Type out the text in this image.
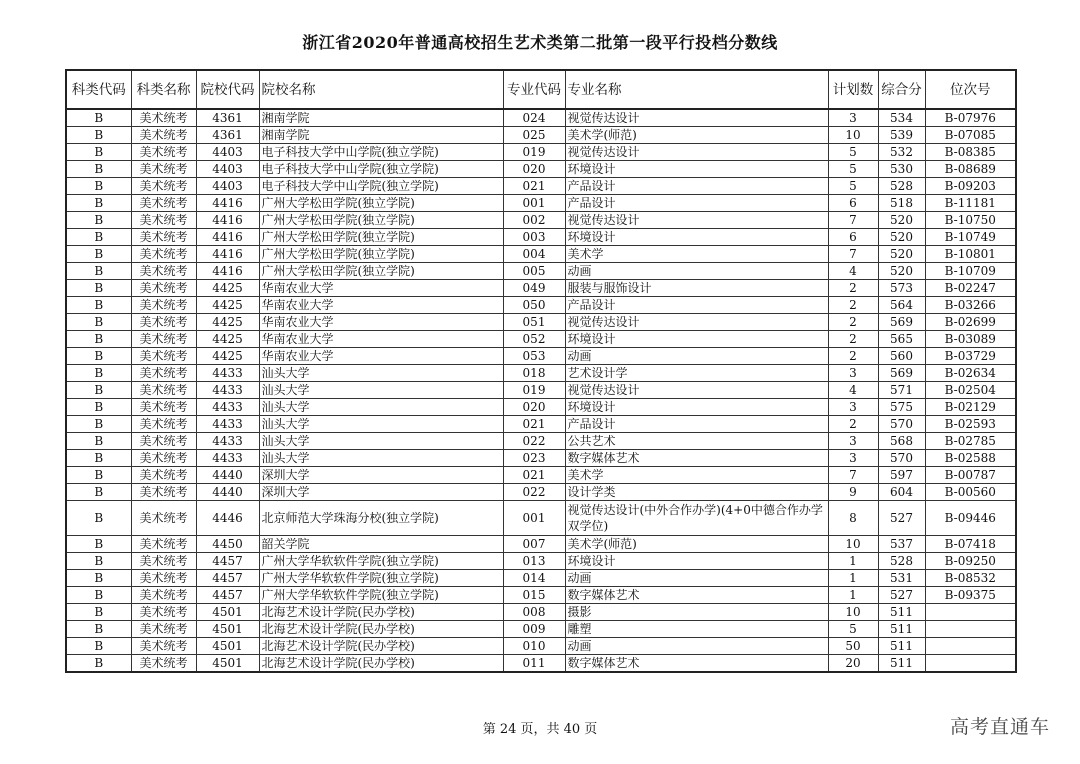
浙江省2020年普通高校招生艺术类第二批第一段平行投档分数线
科类代码	科类名称	院校代码	院校名称	专业代码	专业名称	计划数	综合分	位次号
B	美术统考	4361	湘南学院	024	视觉传达设计	3	534	B-07976
B	美术统考	4361	湘南学院	025	美术学(师范)	10	539	B-07085
B	美术统考	4403	电子科技大学中山学院(独立学院)	019	视觉传达设计	5	532	B-08385
B	美术统考	4403	电子科技大学中山学院(独立学院)	020	环境设计	5	530	B-08689
B	美术统考	4403	电子科技大学中山学院(独立学院)	021	产品设计	5	528	B-09203
B	美术统考	4416	广州大学松田学院(独立学院)	001	产品设计	6	518	B-11181
B	美术统考	4416	广州大学松田学院(独立学院)	002	视觉传达设计	7	520	B-10750
B	美术统考	4416	广州大学松田学院(独立学院)	003	环境设计	6	520	B-10749
B	美术统考	4416	广州大学松田学院(独立学院)	004	美术学	7	520	B-10801
B	美术统考	4416	广州大学松田学院(独立学院)	005	动画	4	520	B-10709
B	美术统考	4425	华南农业大学	049	服装与服饰设计	2	573	B-02247
B	美术统考	4425	华南农业大学	050	产品设计	2	564	B-03266
B	美术统考	4425	华南农业大学	051	视觉传达设计	2	569	B-02699
B	美术统考	4425	华南农业大学	052	环境设计	2	565	B-03089
B	美术统考	4425	华南农业大学	053	动画	2	560	B-03729
B	美术统考	4433	汕头大学	018	艺术设计学	3	569	B-02634
B	美术统考	4433	汕头大学	019	视觉传达设计	4	571	B-02504
B	美术统考	4433	汕头大学	020	环境设计	3	575	B-02129
B	美术统考	4433	汕头大学	021	产品设计	2	570	B-02593
B	美术统考	4433	汕头大学	022	公共艺术	3	568	B-02785
B	美术统考	4433	汕头大学	023	数字媒体艺术	3	570	B-02588
B	美术统考	4440	深圳大学	021	美术学	7	597	B-00787
B	美术统考	4440	深圳大学	022	设计学类	9	604	B-00560
B	美术统考	4446	北京师范大学珠海分校(独立学院)	001	视觉传达设计(中外合作办学)(4+0中德合作办学双学位)	8	527	B-09446
B	美术统考	4450	韶关学院	007	美术学(师范)	10	537	B-07418
B	美术统考	4457	广州大学华软软件学院(独立学院)	013	环境设计	1	528	B-09250
B	美术统考	4457	广州大学华软软件学院(独立学院)	014	动画	1	531	B-08532
B	美术统考	4457	广州大学华软软件学院(独立学院)	015	数字媒体艺术	1	527	B-09375
B	美术统考	4501	北海艺术设计学院(民办学校)	008	摄影	10	511	
B	美术统考	4501	北海艺术设计学院(民办学校)	009	雕塑	5	511	
B	美术统考	4501	北海艺术设计学院(民办学校)	010	动画	50	511	
B	美术统考	4501	北海艺术设计学院(民办学校)	011	数字媒体艺术	20	511	
第 24 页，共 40 页	高考直通车
